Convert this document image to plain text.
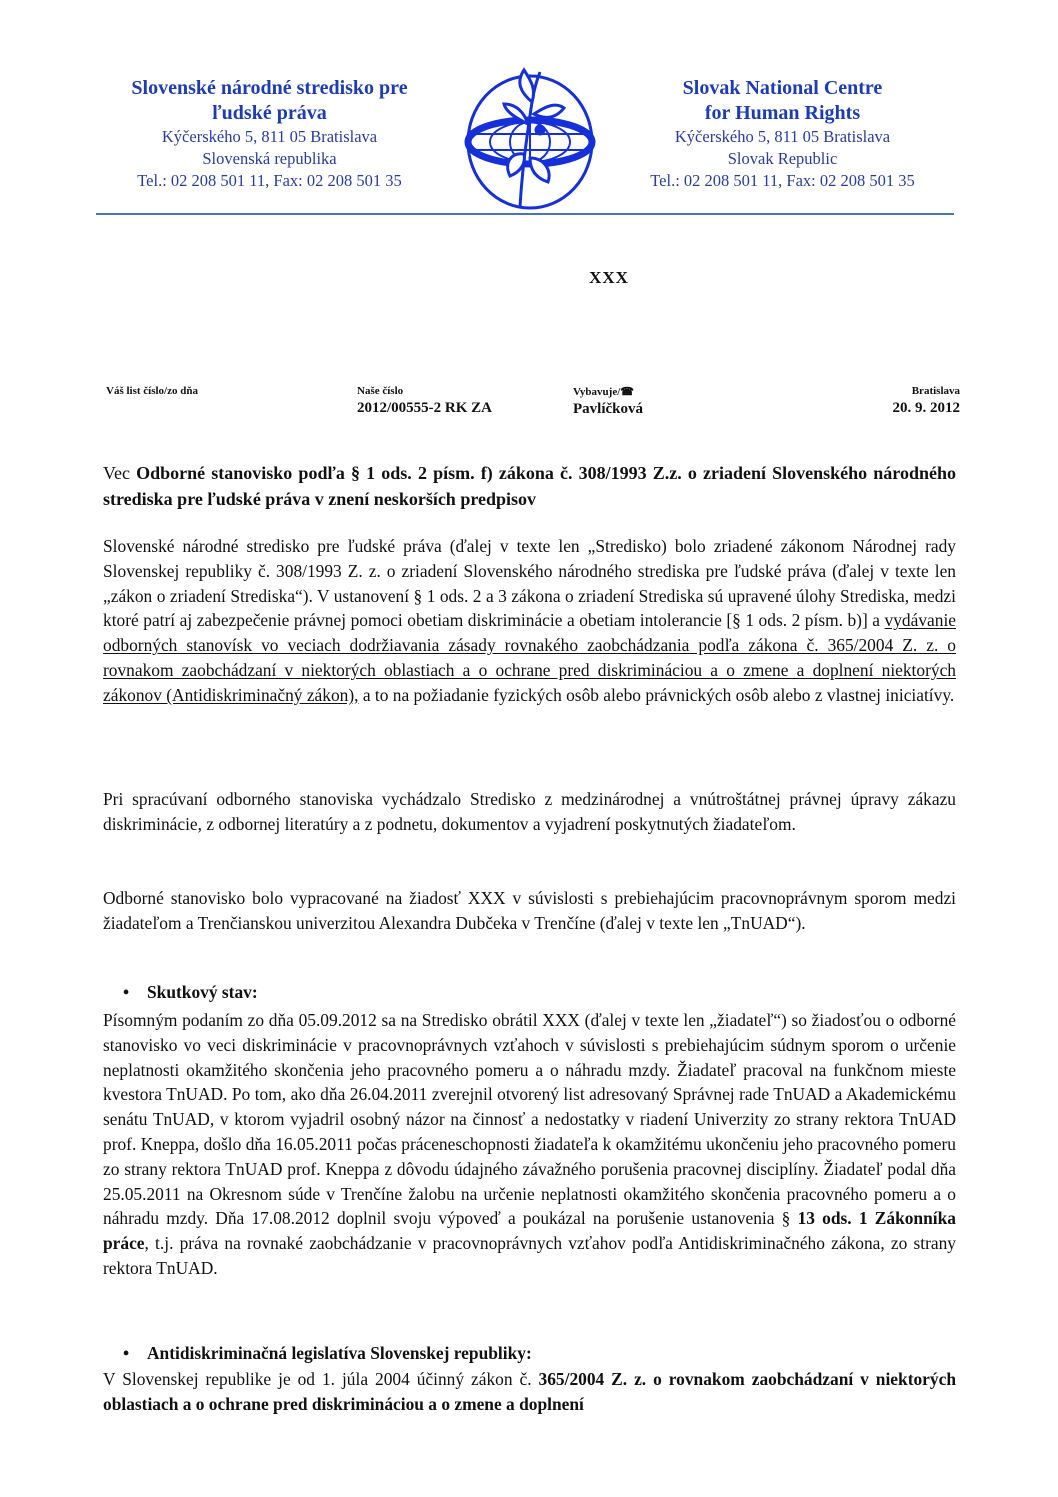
Slovenské národné stredisko pre
ľudské práva
Kýčerského 5, 811 05 Bratislava
Slovenská republika
Tel.: 02 208 501 11, Fax: 02 208 501 35
Slovak National Centre
for Human Rights
Kýčerského 5, 811 05 Bratislava
Slovak Republic
Tel.: 02 208 501 11, Fax: 02 208 501 35
XXX
Váš list číslo/zo dňa	Naše číslo
2012/00555-2 RK ZA
Vybavuje/☎
Pavlíčková
Bratislava
20. 9. 2012
Vec Odborné stanovisko podľa § 1 ods. 2 písm. f) zákona č. 308/1993 Z.z. o zriadení Slovenského národného strediska pre ľudské práva v znení neskorších predpisov
Slovenské národné stredisko pre ľudské práva (ďalej v texte len „Stredisko) bolo zriadené zákonom Národnej rady Slovenskej republiky č. 308/1993 Z. z. o zriadení Slovenského národného strediska pre ľudské práva (ďalej v texte len „zákon o zriadení Strediska“). V ustanovení § 1 ods. 2 a 3 zákona o zriadení Strediska sú upravené úlohy Strediska, medzi ktoré patrí aj zabezpečenie právnej pomoci obetiam diskriminácie a obetiam intolerancie [§ 1 ods. 2 písm. b)] a vydávanie odborných stanovísk vo veciach dodržiavania zásady rovnakého zaobchádzania podľa zákona č. 365/2004 Z. z. o rovnakom zaobchádzaní v niektorých oblastiach a o ochrane pred diskrimináciou a o zmene a doplnení niektorých zákonov (Antidiskriminačný zákon), a to na požiadanie fyzických osôb alebo právnických osôb alebo z vlastnej iniciatívy.
Pri spracúvaní odborného stanoviska vychádzalo Stredisko z medzinárodnej a vnútroštátnej právnej úpravy zákazu diskriminácie, z odbornej literatúry a z podnetu, dokumentov a vyjadrení poskytnutých žiadateľom.
Odborné stanovisko bolo vypracované na žiadosť XXX v súvislosti s prebiehajúcim pracovnoprávnym sporom medzi žiadateľom a Trenčianskou univerzitou Alexandra Dubčeka v Trenčíne (ďalej v texte len „TnUAD“).
• Skutkový stav:
Písomným podaním zo dňa 05.09.2012 sa na Stredisko obrátil XXX (ďalej v texte len „žiadateľ“) so žiadosťou o odborné stanovisko vo veci diskriminácie v pracovnoprávnych vzťahoch v súvislosti s prebiehajúcim súdnym sporom o určenie neplatnosti okamžitého skončenia jeho pracovného pomeru a o náhradu mzdy. Žiadateľ pracoval na funkčnom mieste kvestora TnUAD. Po tom, ako dňa 26.04.2011 zverejnil otvorený list adresovaný Správnej rade TnUAD a Akademickému senátu TnUAD, v ktorom vyjadril osobný názor na činnosť a nedostatky v riadení Univerzity zo strany rektora TnUAD prof. Kneppa, došlo dňa 16.05.2011 počas práceneschopnosti žiadateľa k okamžitému ukončeniu jeho pracovného pomeru zo strany rektora TnUAD prof. Kneppa z dôvodu údajného závažného porušenia pracovnej disciplíny. Žiadateľ podal dňa 25.05.2011 na Okresnom súde v Trenčíne žalobu na určenie neplatnosti okamžitého skončenia pracovného pomeru a o náhradu mzdy. Dňa 17.08.2012 doplnil svoju výpoveď a poukázal na porušenie ustanovenia § 13 ods. 1 Zákonníka práce, t.j. práva na rovnaké zaobchádzanie v pracovnoprávnych vzťahov podľa Antidiskriminačného zákona, zo strany rektora TnUAD.
• Antidiskriminačná legislatíva Slovenskej republiky:
V Slovenskej republike je od 1. júla 2004 účinný zákon č. 365/2004 Z. z. o rovnakom zaobchádzaní v niektorých oblastiach a o ochrane pred diskrimináciou a o zmene a doplnení
